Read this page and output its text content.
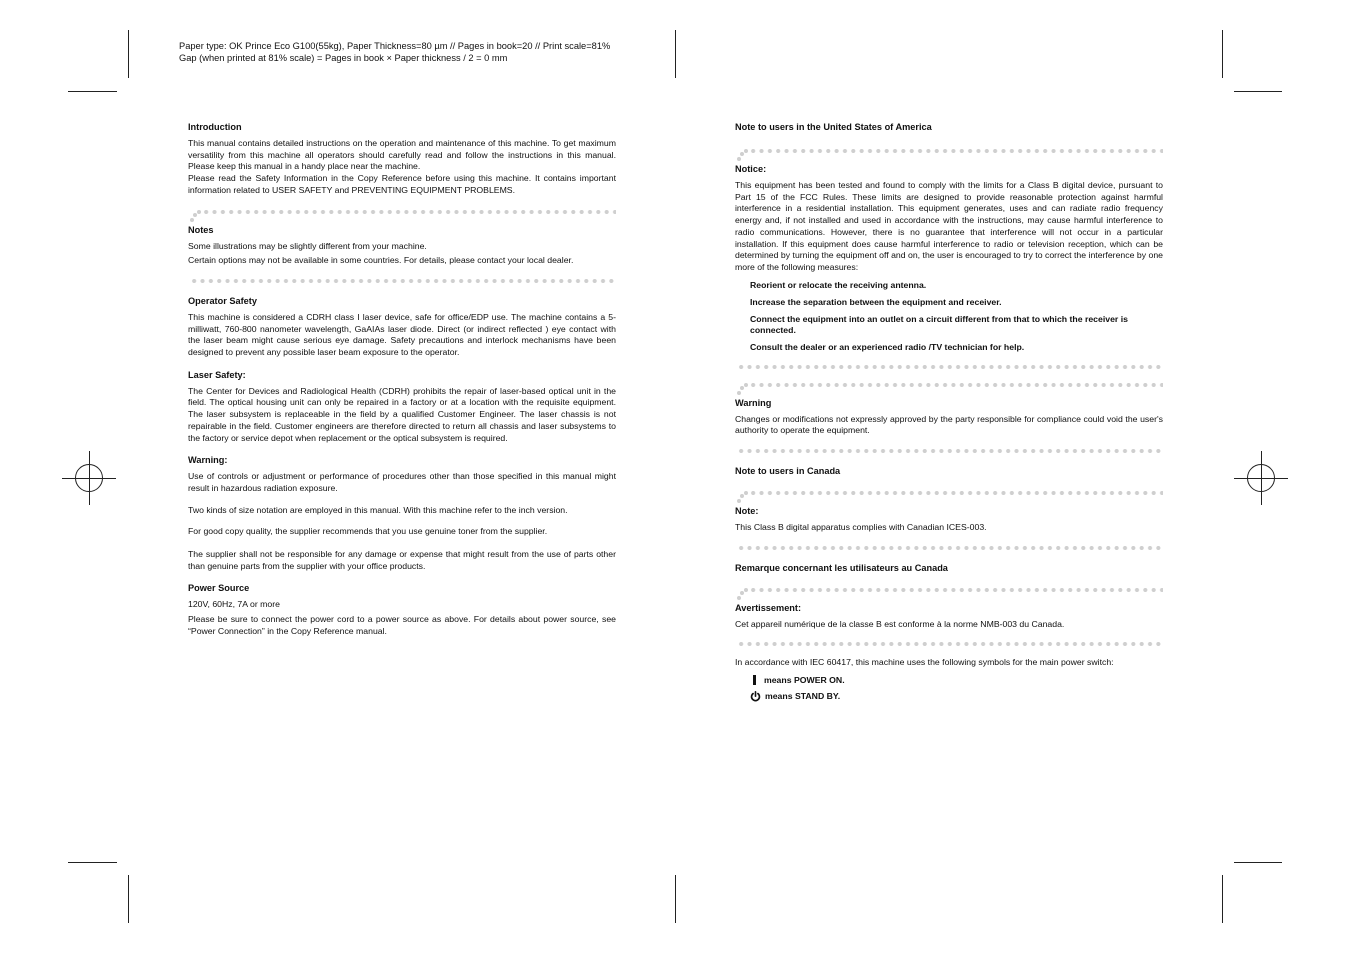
Paper type: OK Prince Eco G100(55kg), Paper Thickness=80 µm // Pages in book=20 // Print scale=81%
Gap (when printed at 81% scale) = Pages in book × Paper thickness / 2 = 0 mm

Introduction

This manual contains detailed instructions on the operation and maintenance of this machine. To get maximum versatility from this machine all operators should carefully read and follow the instructions in this manual. Please keep this manual in a handy place near the machine.

Please read the Safety Information in the Copy Reference before using this machine. It contains important information related to USER SAFETY and PREVENTING EQUIPMENT PROBLEMS.

Notes

Some illustrations may be slightly different from your machine.

Certain options may not be available in some countries. For details, please contact your local dealer.

Operator Safety

This machine is considered a CDRH class I laser device, safe for office/EDP use. The machine contains a 5-milliwatt, 760-800 nanometer wavelength, GaAIAs laser diode. Direct (or indirect reflected ) eye contact with the laser beam might cause serious eye damage. Safety precautions and interlock mechanisms have been designed to prevent any possible laser beam exposure to the operator.

Laser Safety:

The Center for Devices and Radiological Health (CDRH) prohibits the repair of laser-based optical unit in the field. The optical housing unit can only be repaired in a factory or at a location with the requisite equipment. The laser subsystem is replaceable in the field by a qualified Customer Engineer. The laser chassis is not repairable in the field. Customer engineers are therefore directed to return all chassis and laser subsystems to the factory or service depot when replacement or the optical subsystem is required.

Warning:

Use of controls or adjustment or performance of procedures other than those specified in this manual might result in hazardous radiation exposure.

Two kinds of size notation are employed in this manual. With this machine refer to the inch version.

For good copy quality, the supplier recommends that you use genuine toner from the supplier.

The supplier shall not be responsible for any damage or expense that might result from the use of parts other than genuine parts from the supplier with your office products.

Power Source

120V, 60Hz, 7A or more

Please be sure to connect the power cord to a power source as above. For details about power source, see “Power Connection” in the Copy Reference manual.

Note to users in the United States of America

Notice:

This equipment has been tested and found to comply with the limits for a Class B digital device, pursuant to Part 15 of the FCC Rules. These limits are designed to provide reasonable protection against harmful interference in a residential installation. This equipment generates, uses and can radiate radio frequency energy and, if not installed and used in accordance with the instructions, may cause harmful interference to radio communications. However, there is no guarantee that interference will not occur in a particular installation. If this equipment does cause harmful interference to radio or television reception, which can be determined by turning the equipment off and on, the user is encouraged to try to correct the interference by one more of the following measures:

Reorient or relocate the receiving antenna.

Increase the separation between the equipment and receiver.

Connect the equipment into an outlet on a circuit different from that to which the receiver is connected.

Consult the dealer or an experienced radio /TV technician for help.

Warning

Changes or modifications not expressly approved by the party responsible for compliance could void the user's authority to operate the equipment.

Note to users in Canada

Note:

This Class B digital apparatus complies with Canadian ICES-003.

Remarque concernant les utilisateurs au Canada

Avertissement:

Cet appareil numérique de la classe B est conforme à la norme NMB-003 du Canada.

In accordance with IEC 60417, this machine uses the following symbols for the main power switch:

means POWER ON.
means STAND BY.
